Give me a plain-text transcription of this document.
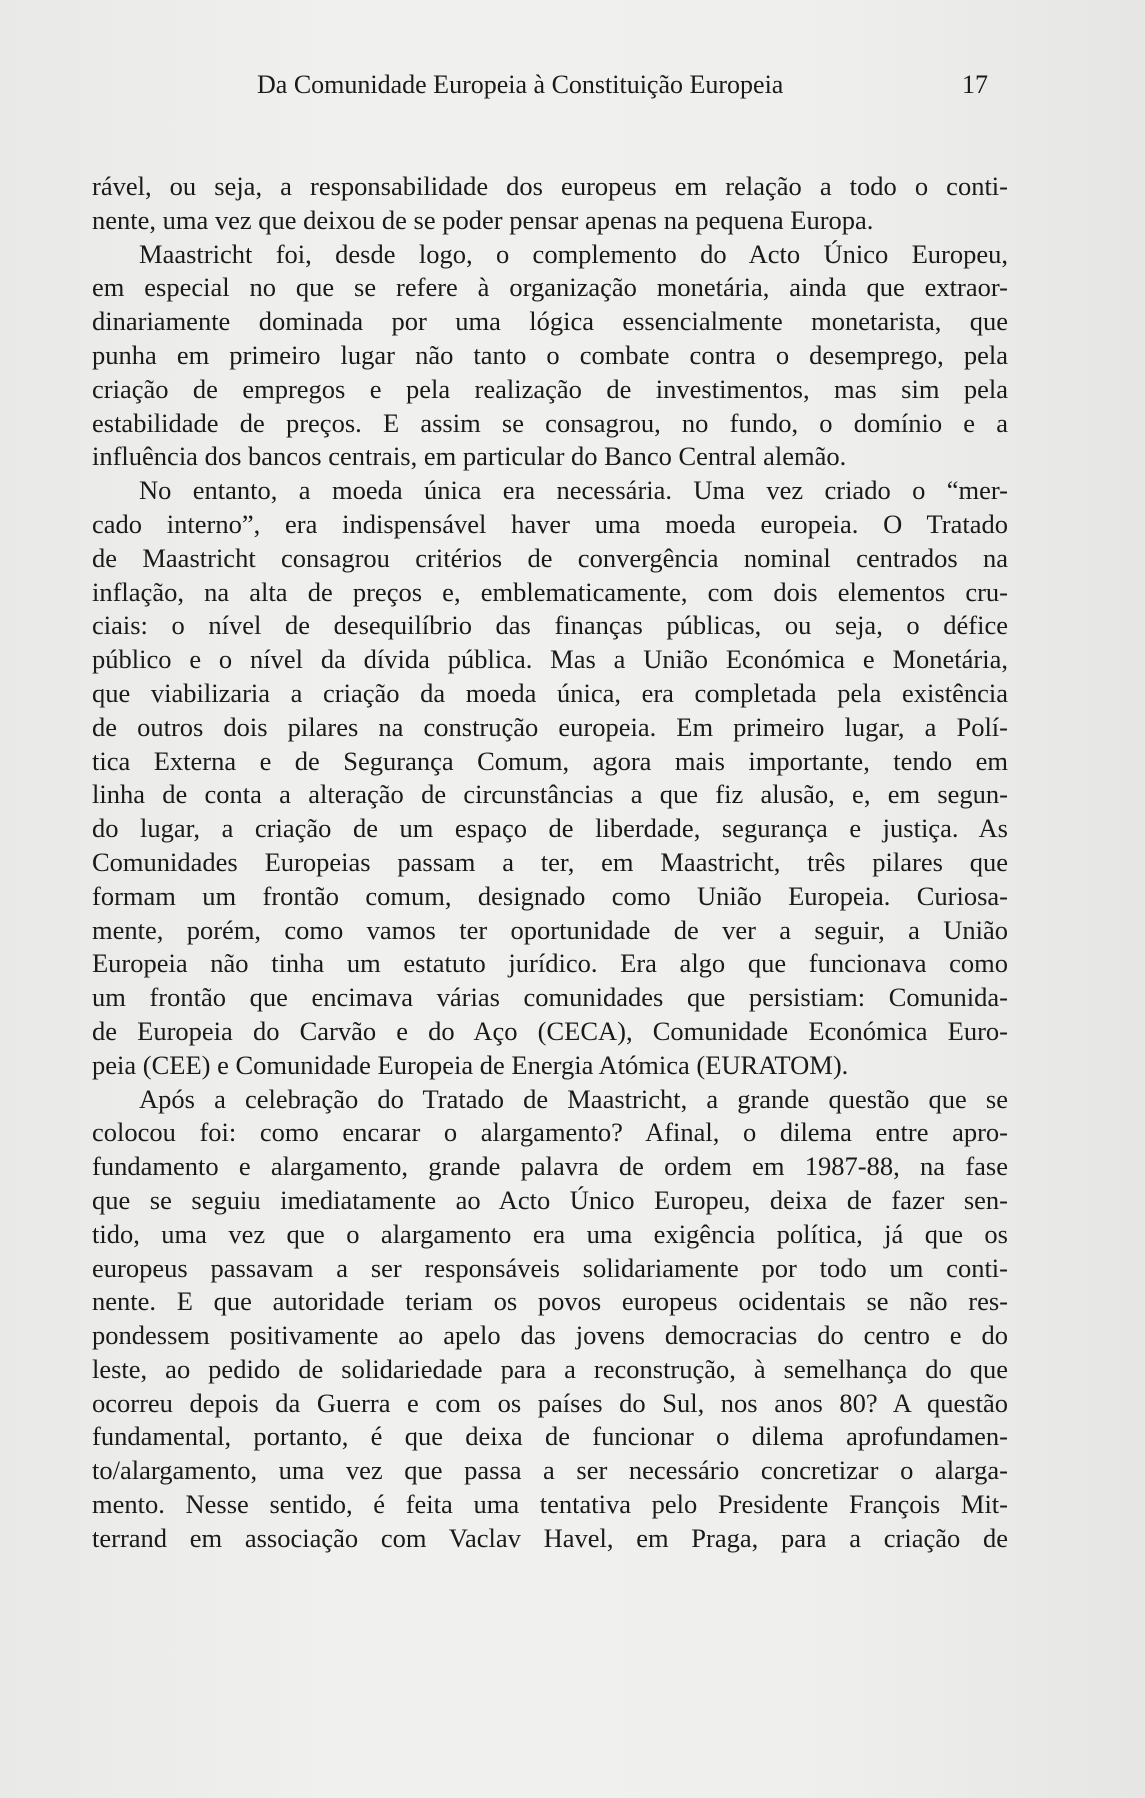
Da Comunidade Europeia à Constituição Europeia	17
rável, ou seja, a responsabilidade dos europeus em relação a todo o conti-
nente, uma vez que deixou de se poder pensar apenas na pequena Europa.
Maastricht foi, desde logo, o complemento do Acto Único Europeu,
em especial no que se refere à organização monetária, ainda que extraor-
dinariamente dominada por uma lógica essencialmente monetarista, que
punha em primeiro lugar não tanto o combate contra o desemprego, pela
criação de empregos e pela realização de investimentos, mas sim pela
estabilidade de preços. E assim se consagrou, no fundo, o domínio e a
influência dos bancos centrais, em particular do Banco Central alemão.
No entanto, a moeda única era necessária. Uma vez criado o “mer-
cado interno”, era indispensável haver uma moeda europeia. O Tratado
de Maastricht consagrou critérios de convergência nominal centrados na
inflação, na alta de preços e, emblematicamente, com dois elementos cru-
ciais: o nível de desequilíbrio das finanças públicas, ou seja, o défice
público e o nível da dívida pública. Mas a União Económica e Monetária,
que viabilizaria a criação da moeda única, era completada pela existência
de outros dois pilares na construção europeia. Em primeiro lugar, a Polí-
tica Externa e de Segurança Comum, agora mais importante, tendo em
linha de conta a alteração de circunstâncias a que fiz alusão, e, em segun-
do lugar, a criação de um espaço de liberdade, segurança e justiça. As
Comunidades Europeias passam a ter, em Maastricht, três pilares que
formam um frontão comum, designado como União Europeia. Curiosa-
mente, porém, como vamos ter oportunidade de ver a seguir, a União
Europeia não tinha um estatuto jurídico. Era algo que funcionava como
um frontão que encimava várias comunidades que persistiam: Comunida-
de Europeia do Carvão e do Aço (CECA), Comunidade Económica Euro-
peia (CEE) e Comunidade Europeia de Energia Atómica (EURATOM).
Após a celebração do Tratado de Maastricht, a grande questão que se
colocou foi: como encarar o alargamento? Afinal, o dilema entre apro-
fundamento e alargamento, grande palavra de ordem em 1987-88, na fase
que se seguiu imediatamente ao Acto Único Europeu, deixa de fazer sen-
tido, uma vez que o alargamento era uma exigência política, já que os
europeus passavam a ser responsáveis solidariamente por todo um conti-
nente. E que autoridade teriam os povos europeus ocidentais se não res-
pondessem positivamente ao apelo das jovens democracias do centro e do
leste, ao pedido de solidariedade para a reconstrução, à semelhança do que
ocorreu depois da Guerra e com os países do Sul, nos anos 80? A questão
fundamental, portanto, é que deixa de funcionar o dilema aprofundamen-
to/alargamento, uma vez que passa a ser necessário concretizar o alarga-
mento. Nesse sentido, é feita uma tentativa pelo Presidente François Mit-
terrand em associação com Vaclav Havel, em Praga, para a criação de
